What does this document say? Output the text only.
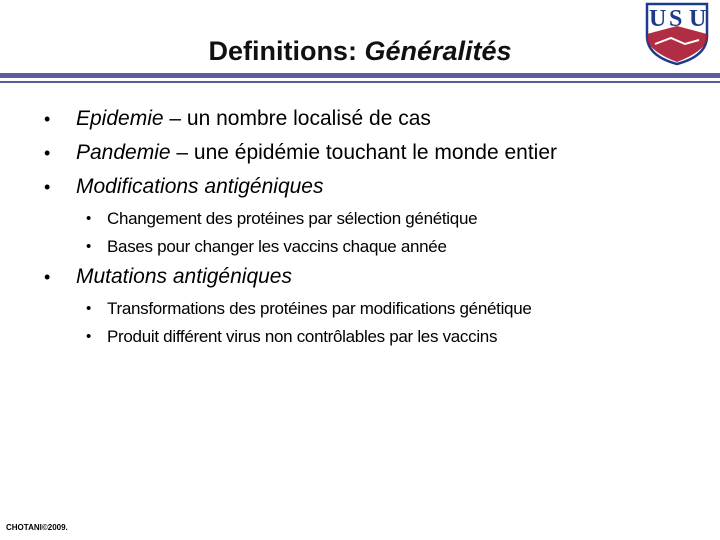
Definitions: Généralités
U S U
• Epidemie – un nombre localisé de cas
• Pandemie – une épidémie touchant le monde entier
• Modifications antigéniques
• Changement des protéines par sélection génétique
• Bases pour changer les vaccins chaque année
• Mutations antigéniques
• Transformations des protéines par modifications génétique
• Produit différent virus non contrôlables par les vaccins
CHOTANI©2009.
